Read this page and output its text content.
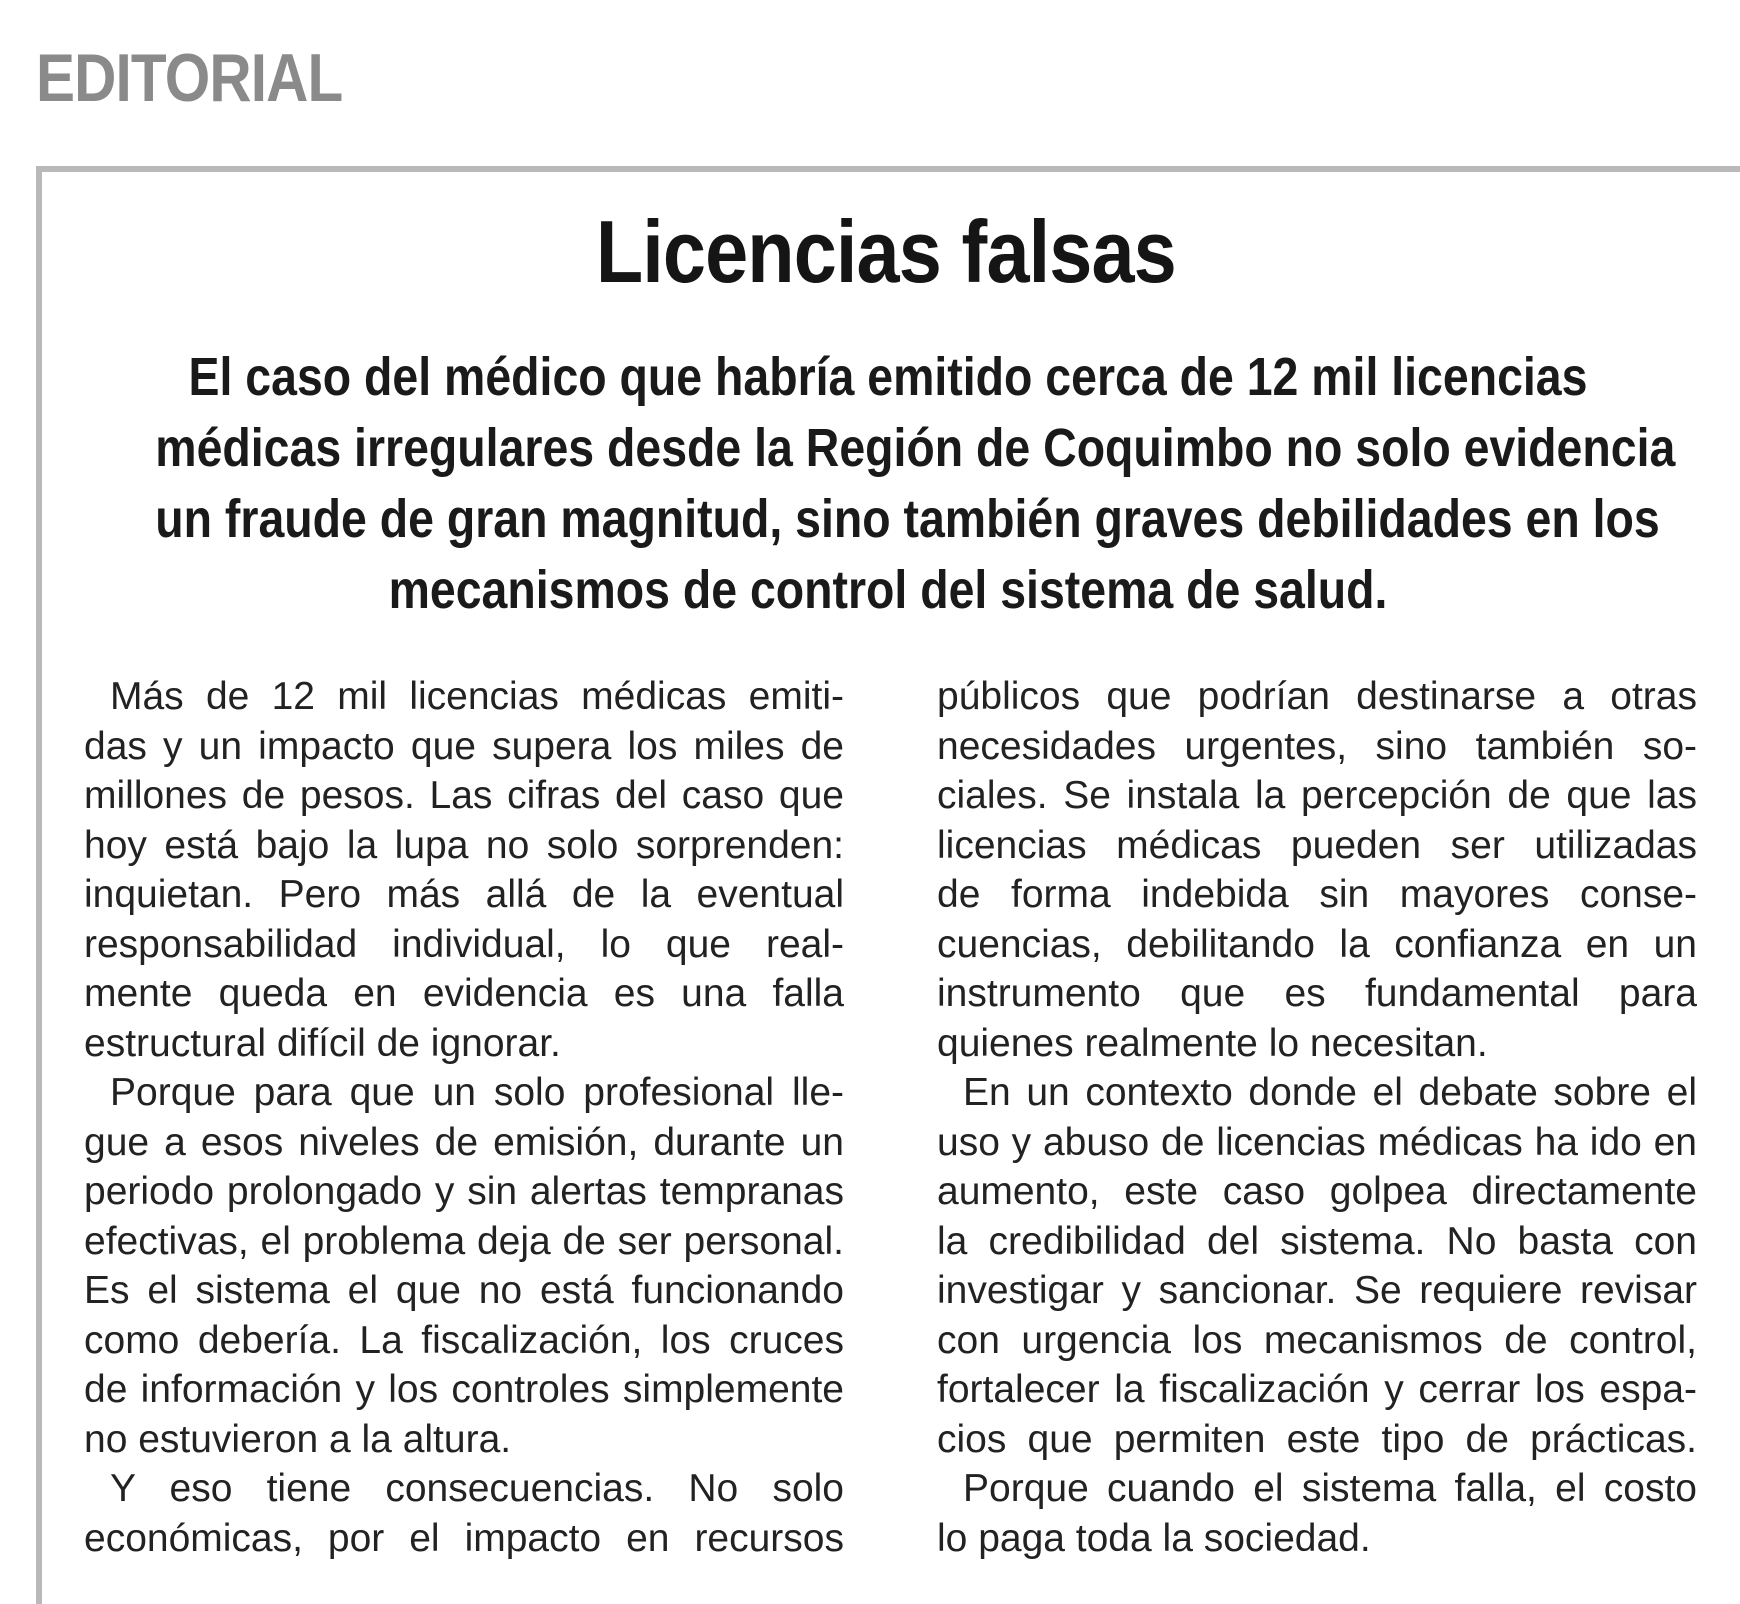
EDITORIAL
Licencias falsas
El caso del médico que habría emitido cerca de 12 mil licencias
médicas irregulares desde la Región de Coquimbo no solo evidencia
un fraude de gran magnitud, sino también graves debilidades en los
mecanismos de control del sistema de salud.
Más de 12 mil licencias médicas emiti-
das y un impacto que supera los miles de
millones de pesos. Las cifras del caso que
hoy está bajo la lupa no solo sorprenden:
inquietan. Pero más allá de la eventual
responsabilidad individual, lo que real-
mente queda en evidencia es una falla
estructural difícil de ignorar.
Porque para que un solo profesional lle-
gue a esos niveles de emisión, durante un
periodo prolongado y sin alertas tempranas
efectivas, el problema deja de ser personal.
Es el sistema el que no está funcionando
como debería. La fiscalización, los cruces
de información y los controles simplemente
no estuvieron a la altura.
Y eso tiene consecuencias. No solo
económicas, por el impacto en recursos
públicos que podrían destinarse a otras
necesidades urgentes, sino también so-
ciales. Se instala la percepción de que las
licencias médicas pueden ser utilizadas
de forma indebida sin mayores conse-
cuencias, debilitando la confianza en un
instrumento que es fundamental para
quienes realmente lo necesitan.
En un contexto donde el debate sobre el
uso y abuso de licencias médicas ha ido en
aumento, este caso golpea directamente
la credibilidad del sistema. No basta con
investigar y sancionar. Se requiere revisar
con urgencia los mecanismos de control,
fortalecer la fiscalización y cerrar los espa-
cios que permiten este tipo de prácticas.
Porque cuando el sistema falla, el costo
lo paga toda la sociedad.
